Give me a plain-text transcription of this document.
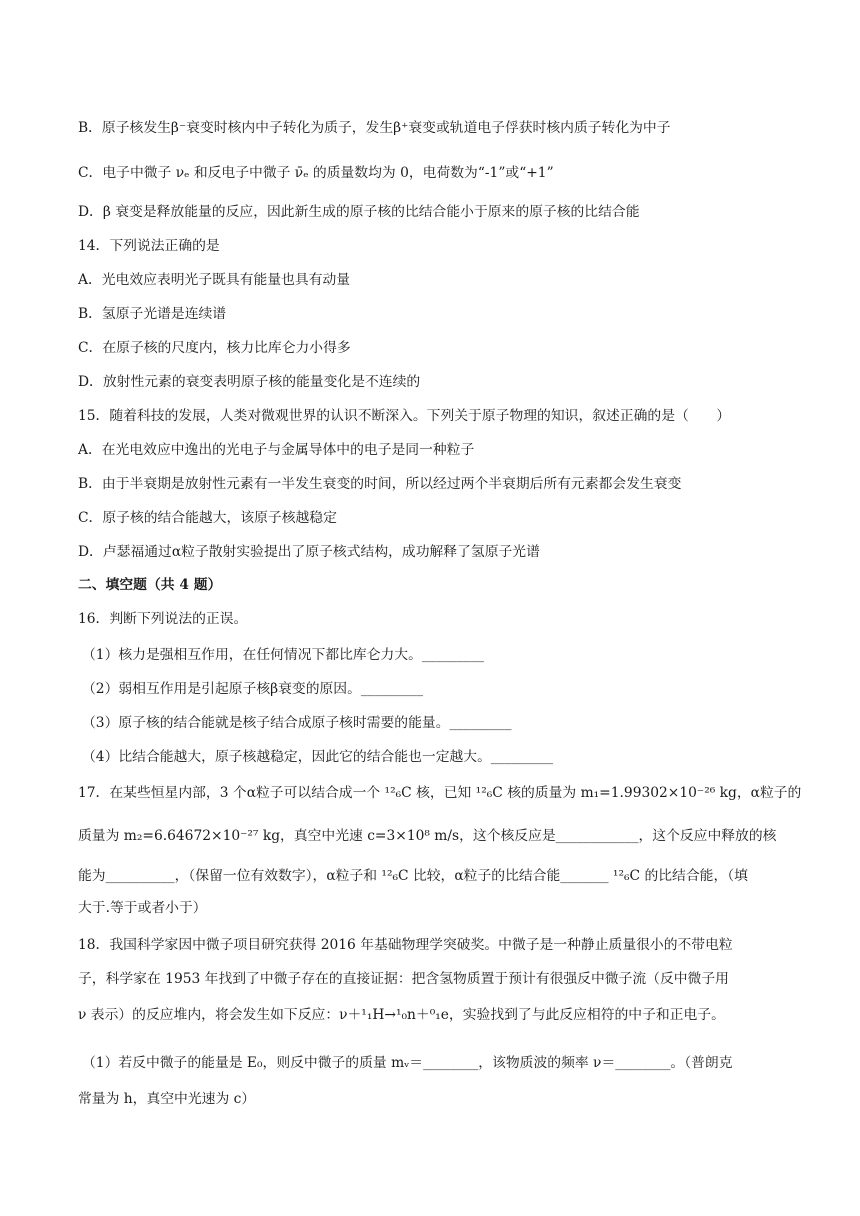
B．原子核发生β⁻衰变时核内中子转化为质子，发生β⁺衰变或轨道电子俘获时核内质子转化为中子
C．电子中微子 νₑ 和反电子中微子 ν̄ₑ 的质量数均为 0，电荷数为“-1”或“+1”
D．β 衰变是释放能量的反应，因此新生成的原子核的比结合能小于原来的原子核的比结合能
14．下列说法正确的是
A．光电效应表明光子既具有能量也具有动量
B．氢原子光谱是连续谱
C．在原子核的尺度内，核力比库仑力小得多
D．放射性元素的衰变表明原子核的能量变化是不连续的
15．随着科技的发展，人类对微观世界的认识不断深入。下列关于原子物理的知识，叙述正确的是（　　）
A．在光电效应中逸出的光电子与金属导体中的电子是同一种粒子
B．由于半衰期是放射性元素有一半发生衰变的时间，所以经过两个半衰期后所有元素都会发生衰变
C．原子核的结合能越大，该原子核越稳定
D．卢瑟福通过α粒子散射实验提出了原子核式结构，成功解释了氢原子光谱
二、填空题（共 4 题）
16．判断下列说法的正误。
（1）核力是强相互作用，在任何情况下都比库仑力大。_________
（2）弱相互作用是引起原子核β衰变的原因。_________
（3）原子核的结合能就是核子结合成原子核时需要的能量。_________
（4）比结合能越大，原子核越稳定，因此它的结合能也一定越大。_________
17．在某些恒星内部，3 个α粒子可以结合成一个 ¹²₆C 核，已知 ¹²₆C 核的质量为 m₁=1.99302×10⁻²⁶ kg，α粒子的
质量为 m₂=6.64672×10⁻²⁷ kg，真空中光速 c=3×10⁸ m/s，这个核反应是____________，这个反应中释放的核
能为__________，（保留一位有效数字），α粒子和 ¹²₆C 比较，α粒子的比结合能_______ ¹²₆C 的比结合能，（填
大于.等于或者小于）
18．我国科学家因中微子项目研究获得 2016 年基础物理学突破奖。中微子是一种静止质量很小的不带电粒
子，科学家在 1953 年找到了中微子存在的直接证据：把含氢物质置于预计有很强反中微子流（反中微子用
ν 表示）的反应堆内，将会发生如下反应：ν＋¹₁H→¹₀n＋⁰₁e，实验找到了与此反应相符的中子和正电子。
（1）若反中微子的能量是 E₀，则反中微子的质量 mᵥ＝________，该物质波的频率 ν＝________。（普朗克
常量为 h，真空中光速为 c）
